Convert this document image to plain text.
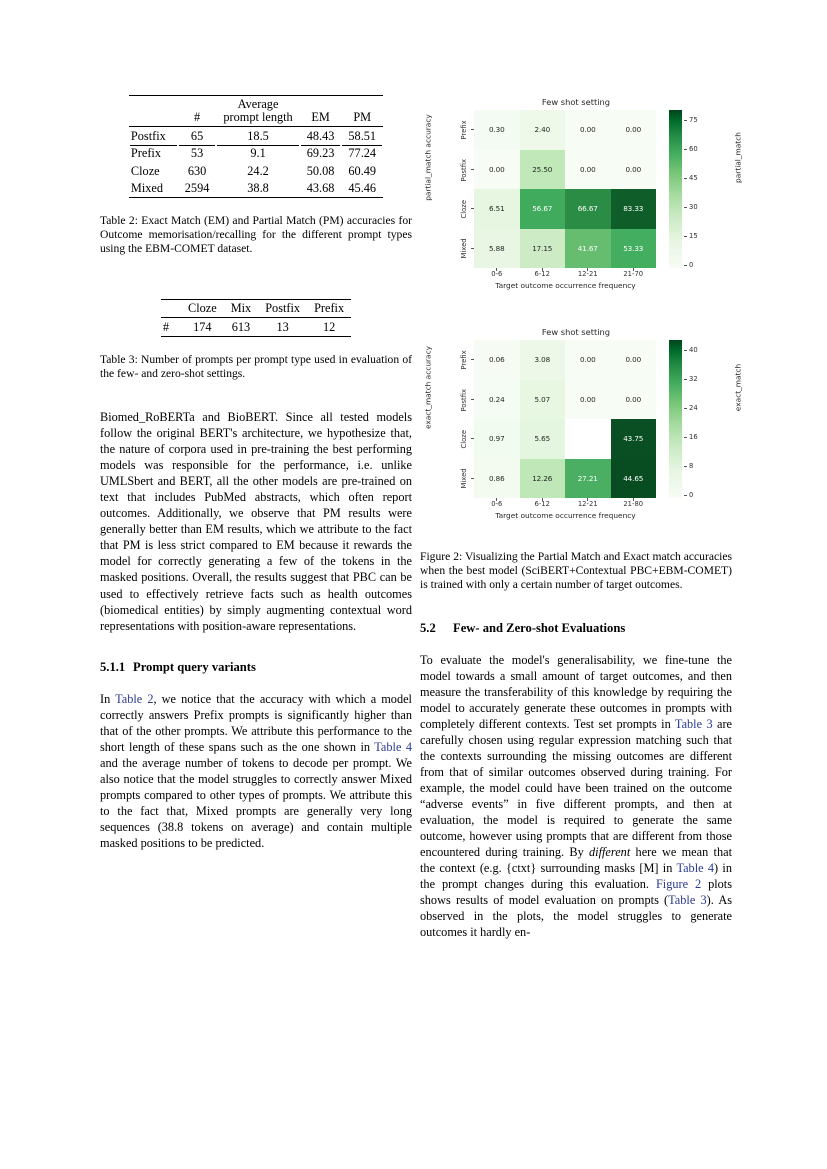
	#	Average
prompt length	EM	PM
Postfix	65	18.5	48.43	58.51
Prefix	53	9.1	69.23	77.24
Cloze	630	24.2	50.08	60.49
Mixed	2594	38.8	43.68	45.46

Table 2: Exact Match (EM) and Partial Match (PM) accuracies for Outcome memorisation/recalling for the different prompt types using the EBM-COMET dataset.

	Cloze	Mix	Postfix	Prefix
#	174	613	13	12

Table 3: Number of prompts per prompt type used in evaluation of the few- and zero-shot settings.

Biomed_RoBERTa and BioBERT. Since all tested models follow the original BERT's architecture, we hypothesize that, the nature of corpora used in pre-training the best performing models was responsible for the performance, i.e. unlike UMLSbert and BERT, all the other models are pre-trained on text that includes PubMed abstracts, which often report outcomes. Additionally, we observe that PM results were generally better than EM results, which we attribute to the fact that PM is less strict compared to EM because it rewards the model for correctly generating a few of the tokens in the masked positions. Overall, the results suggest that PBC can be used to effectively retrieve facts such as health outcomes (biomedical entities) by simply augmenting contextual word representations with position-aware representations.

5.1.1 Prompt query variants

In Table 2, we notice that the accuracy with which a model correctly answers Prefix prompts is significantly higher than that of the other prompts. We attribute this performance to the short length of these spans such as the one shown in Table 4 and the average number of tokens to decode per prompt. We also notice that the model struggles to correctly answer Mixed prompts compared to other types of prompts. We attribute this to the fact that, Mixed prompts are generally very long sequences (38.8 tokens on average) and contain multiple masked positions to be predicted.

Few shot setting
partial_match accuracy	Prefix
Postfix
Cloze
Mixed
0.30	2.40	0.00	0.00
0.00	25.50	0.00	0.00
6.51	56.67	66.67	83.33
5.88	17.15	41.67	53.33
0-6	6-12	12-21	21-70
Target outcome occurrence frequency
75
60
45
30
15
0
partial_match
Few shot setting
exact_match accuracy	Prefix
Postfix
Cloze
Mixed
0.06	3.08	0.00	0.00
0.24	5.07	0.00	0.00
0.97	5.65	41.76	43.75
0.86	12.26	27.21	44.65
0-6	6-12	12-21	21-80
Target outcome occurrence frequency
40
32
24
16
8
0
exact_match

Figure 2: Visualizing the Partial Match and Exact match accuracies when the best model (SciBERT+Contextual PBC+EBM-COMET) is trained with only a certain number of target outcomes.

5.2 Few- and Zero-shot Evaluations

To evaluate the model's generalisability, we fine-tune the model towards a small amount of target outcomes, and then measure the transferability of this knowledge by requiring the model to accurately generate these outcomes in prompts with completely different contexts. Test set prompts in Table 3 are carefully chosen using regular expression matching such that the contexts surrounding the missing outcomes are different from that of similar outcomes observed during training. For example, the model could have been trained on the outcome “adverse events” in five different prompts, and then at evaluation, the model is required to generate the same outcome, however using prompts that are different from those encountered during training. By different here we mean that the context (e.g. {ctxt} surrounding masks [M] in Table 4) in the prompt changes during this evaluation. Figure 2 plots shows results of model evaluation on prompts (Table 3). As observed in the plots, the model struggles to generate outcomes it hardly en-
